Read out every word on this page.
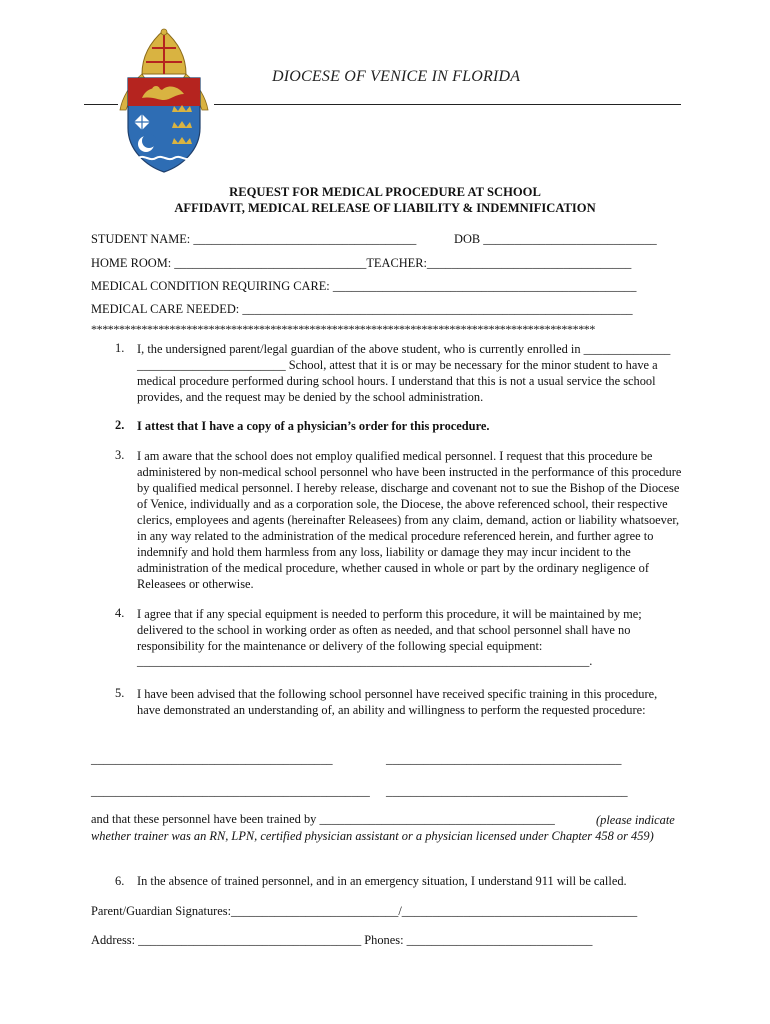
DIOCESE OF VENICE IN FLORIDA
REQUEST FOR MEDICAL PROCEDURE AT SCHOOL
AFFIDAVIT, MEDICAL RELEASE OF LIABILITY & INDEMNIFICATION
STUDENT NAME: ____________________________________	DOB ____________________________
HOME ROOM: _______________________________TEACHER:_________________________________
MEDICAL CONDITION REQUIRING CARE: _________________________________________________
MEDICAL CARE NEEDED: _______________________________________________________________
******************************************************************************************
1. I, the undersigned parent/legal guardian of the above student, who is currently enrolled in ______________ ________________________ School, attest that it is or may be necessary for the minor student to have a medical procedure performed during school hours. I understand that this is not a usual service the school provides, and the request may be denied by the school administration.
2. I attest that I have a copy of a physician’s order for this procedure.
3. I am aware that the school does not employ qualified medical personnel. I request that this procedure be administered by non-medical school personnel who have been instructed in the performance of this procedure by qualified medical personnel. I hereby release, discharge and covenant not to sue the Bishop of the Diocese of Venice, individually and as a corporation sole, the Diocese, the above referenced school, their respective clerics, employees and agents (hereinafter Releasees) from any claim, demand, action or liability whatsoever, in any way related to the administration of the medical procedure referenced herein, and further agree to indemnify and hold them harmless from any loss, liability or damage they may incur incident to the administration of the medical procedure, whether caused in whole or part by the ordinary negligence of Releasees or otherwise.
4. I agree that if any special equipment is needed to perform this procedure, it will be maintained by me; delivered to the school in working order as often as needed, and that school personnel shall have no responsibility for the maintenance or delivery of the following special equipment:
_________________________________________________________________________.
5. I have been advised that the following school personnel have received specific training in this procedure, have demonstrated an understanding of, an ability and willingness to perform the requested procedure:
_______________________________________	______________________________________
_____________________________________________ _______________________________________
and that these personnel have been trained by ______________________________________	(please indicate whether trainer was an RN, LPN, certified physician assistant or a physician licensed under Chapter 458 or 459)
6. In the absence of trained personnel, and in an emergency situation, I understand 911 will be called.
Parent/Guardian Signatures:___________________________/______________________________________
Address: ____________________________________ Phones: ______________________________
